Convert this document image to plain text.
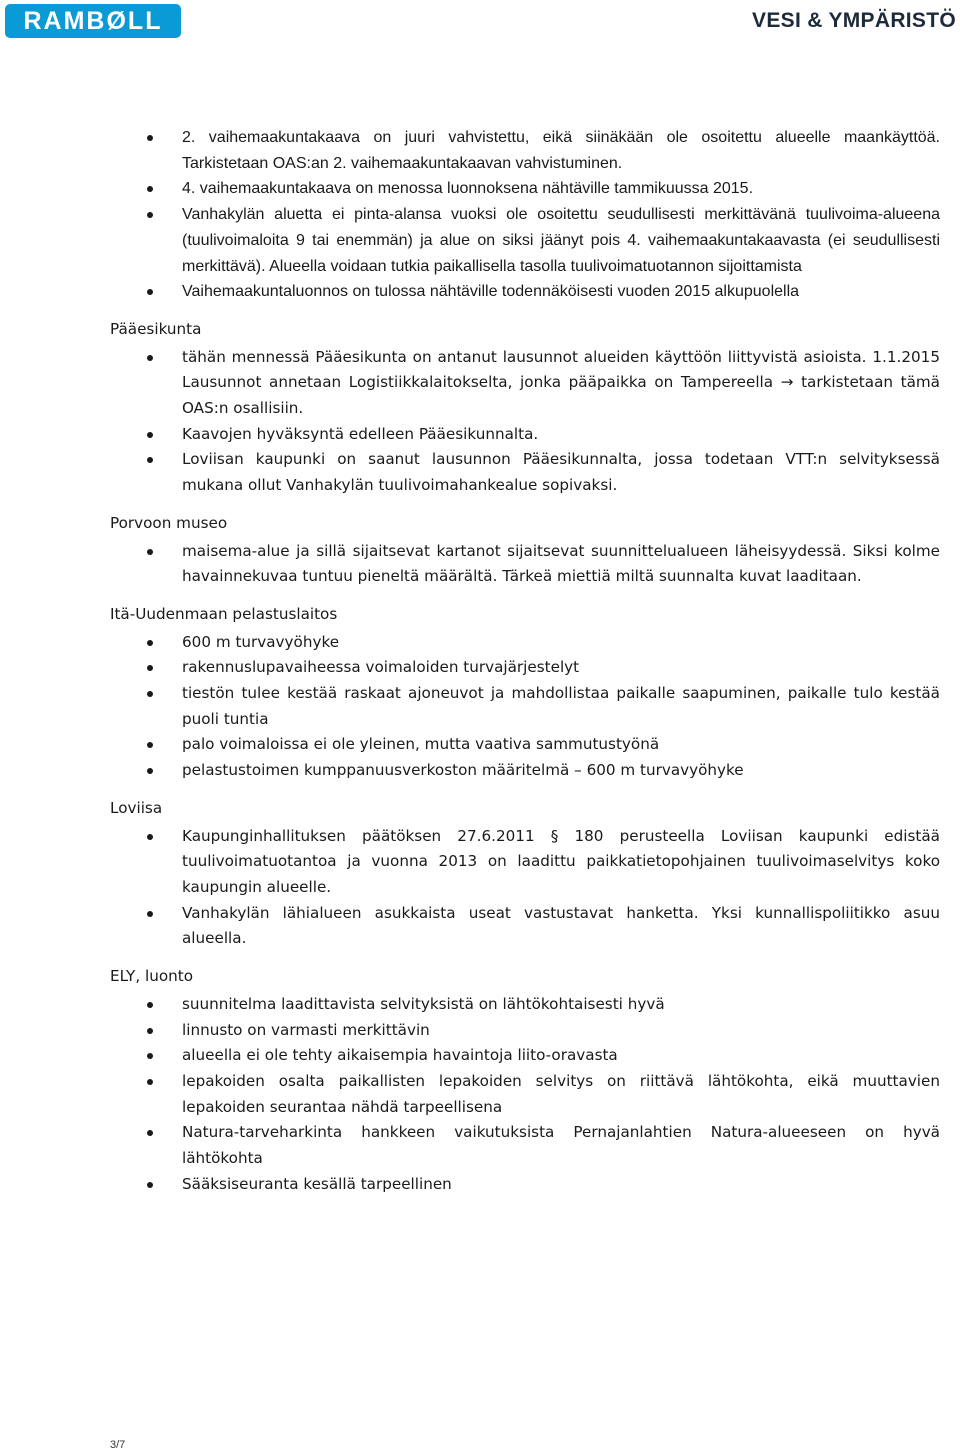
RAMBØLL	VESI & YMPÄRISTÖ
2. vaihemaakuntakaava on juuri vahvistettu, eikä siinäkään ole osoitettu alueelle maankäyttöä. Tarkistetaan OAS:an 2. vaihemaakuntakaavan vahvistuminen.
4. vaihemaakuntakaava on menossa luonnoksena nähtäville tammikuussa 2015.
Vanhakylän aluetta ei pinta-alansa vuoksi ole osoitettu seudullisesti merkittävänä tuulivoima-alueena (tuulivoimaloita 9 tai enemmän) ja alue on siksi jäänyt pois 4. vaihemaakuntakaavasta (ei seudullisesti merkittävä). Alueella voidaan tutkia paikallisella tasolla tuulivoimatuotannon sijoittamista
Vaihemaakuntaluonnos on tulossa nähtäville todennäköisesti vuoden 2015 alkupuolella
Pääesikunta
tähän mennessä Pääesikunta on antanut lausunnot alueiden käyttöön liittyvistä asioista. 1.1.2015 Lausunnot annetaan Logistiikkalaitokselta, jonka pääpaikka on Tampereella → tarkistetaan tämä OAS:n osallisiin.
Kaavojen hyväksyntä edelleen Pääesikunnalta.
Loviisan kaupunki on saanut lausunnon Pääesikunnalta, jossa todetaan VTT:n selvityksessä mukana ollut Vanhakylän tuulivoimahankealue sopivaksi.
Porvoon museo
maisema-alue ja sillä sijaitsevat kartanot sijaitsevat suunnittelualueen läheisyydessä. Siksi kolme havainnekuvaa tuntuu pieneltä määrältä. Tärkeä miettiä miltä suunnalta kuvat laaditaan.
Itä-Uudenmaan pelastuslaitos
600 m turvavyöhyke
rakennuslupavaiheessa voimaloiden turvajärjestelyt
tiestön tulee kestää raskaat ajoneuvot ja mahdollistaa paikalle saapuminen, paikalle tulo kestää puoli tuntia
palo voimaloissa ei ole yleinen, mutta vaativa sammutustyönä
pelastustoimen kumppanuusverkoston määritelmä – 600 m turvavyöhyke
Loviisa
Kaupunginhallituksen päätöksen 27.6.2011 § 180 perusteella Loviisan kaupunki edistää tuulivoimatuotantoa ja vuonna 2013 on laadittu paikkatietopohjainen tuulivoimaselvitys koko kaupungin alueelle.
Vanhakylän lähialueen asukkaista useat vastustavat hanketta. Yksi kunnallispoliitikko asuu alueella.
ELY, luonto
suunnitelma laadittavista selvityksistä on lähtökohtaisesti hyvä
linnusto on varmasti merkittävin
alueella ei ole tehty aikaisempia havaintoja liito-oravasta
lepakoiden osalta paikallisten lepakoiden selvitys on riittävä lähtökohta, eikä muuttavien lepakoiden seurantaa nähdä tarpeellisena
Natura-tarveharkinta hankkeen vaikutuksista Pernajanlahtien Natura-alueeseen on hyvä lähtökohta
Sääksiseuranta kesällä tarpeellinen
3/7
